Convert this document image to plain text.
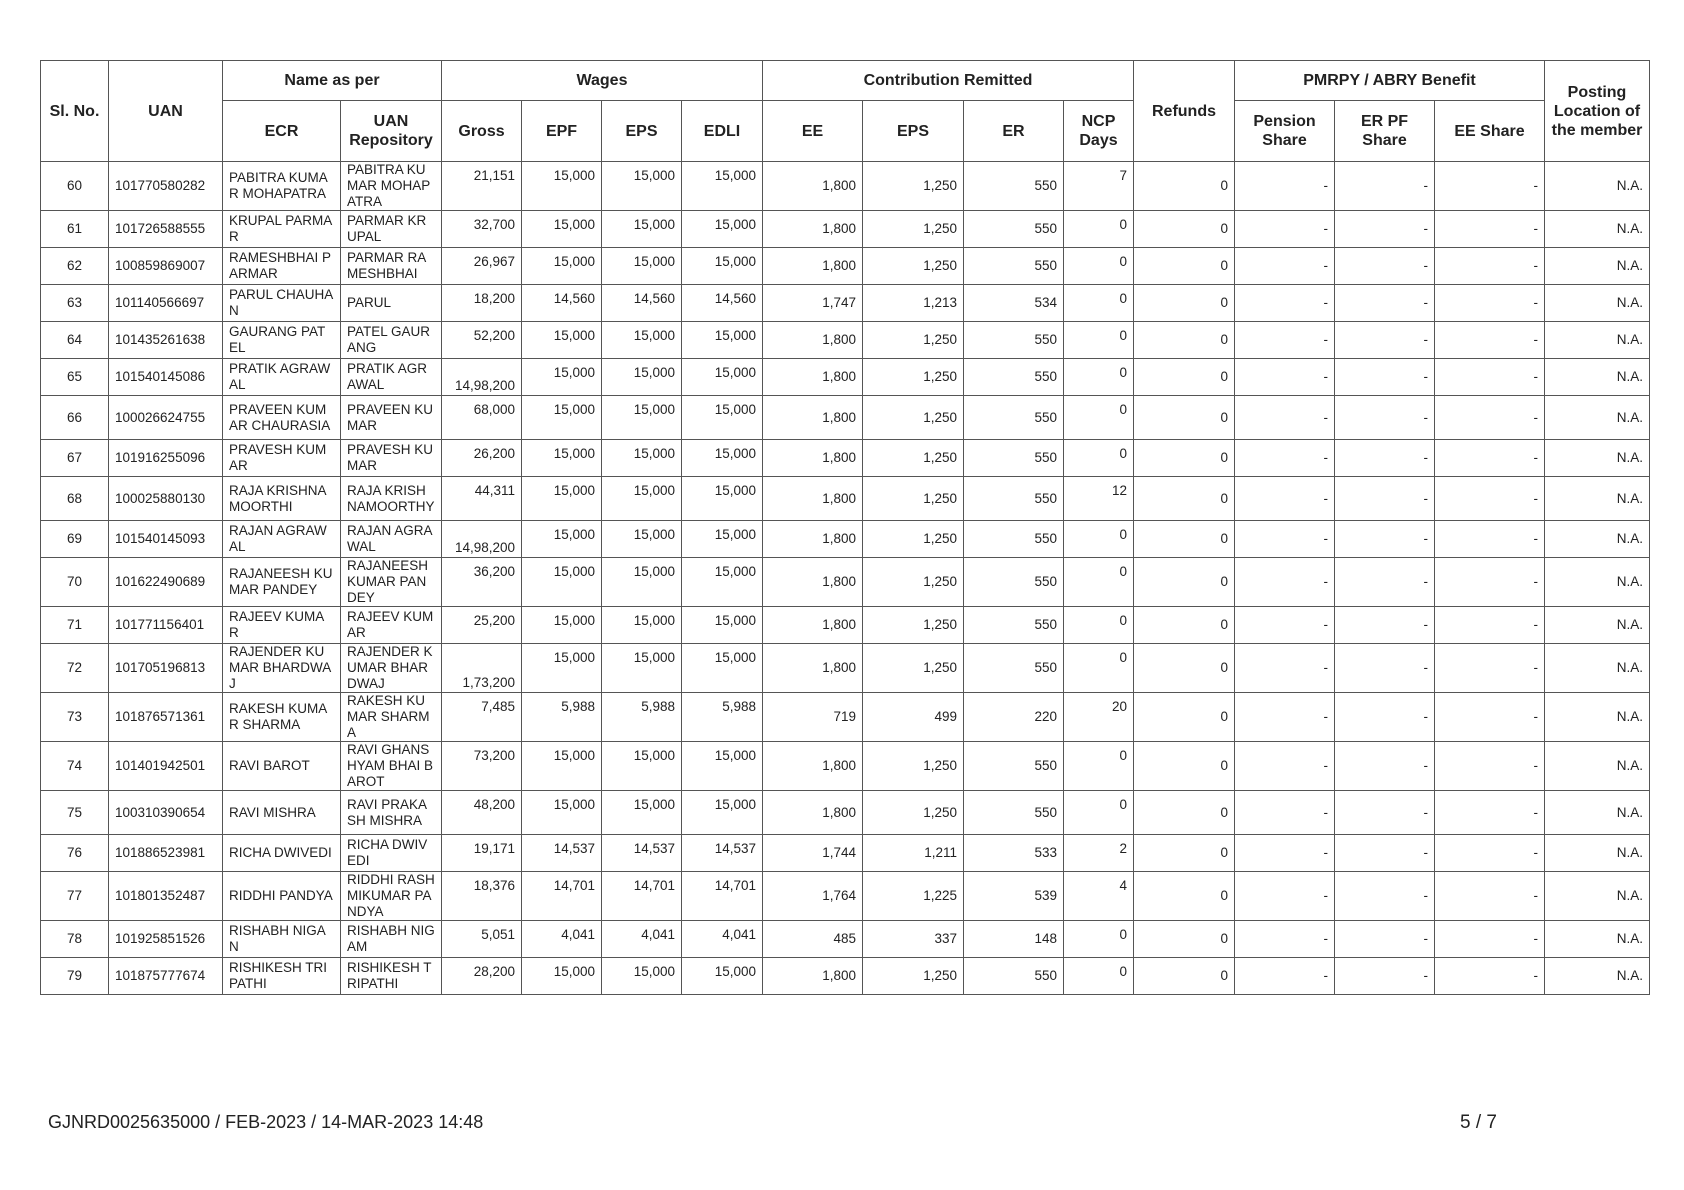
Sl. No.	UAN	Name as per		Wages				Contribution Remitted				Refunds	PMRPY / ABRY Benefit			Posting Location of the member
		ECR	UAN Repository	Gross	EPF	EPS	EDLI	EE	EPS	ER	NCP Days		Pension Share	ER PF Share	EE Share	
60	101770580282	PABITRA KUMAR MOHAPATRA	PABITRA KUMAR MOHAPATRA	21,151	15,000	15,000	15,000	1,800	1,250	550	7	0	-	-	-	N.A.
61	101726588555	KRUPAL PARMAR	PARMAR KRUPAL	32,700	15,000	15,000	15,000	1,800	1,250	550	0	0	-	-	-	N.A.
62	100859869007	RAMESHBHAI PARMAR	PARMAR RAMESHBHAI	26,967	15,000	15,000	15,000	1,800	1,250	550	0	0	-	-	-	N.A.
63	101140566697	PARUL CHAUHAN	PARUL	18,200	14,560	14,560	14,560	1,747	1,213	534	0	0	-	-	-	N.A.
64	101435261638	GAURANG PATEL	PATEL GAURANG	52,200	15,000	15,000	15,000	1,800	1,250	550	0	0	-	-	-	N.A.
65	101540145086	PRATIK AGRAWAL	PRATIK AGRAWAL	14,98,200	15,000	15,000	15,000	1,800	1,250	550	0	0	-	-	-	N.A.
66	100026624755	PRAVEEN KUMAR CHAURASIA	PRAVEEN KUMAR	68,000	15,000	15,000	15,000	1,800	1,250	550	0	0	-	-	-	N.A.
67	101916255096	PRAVESH KUMAR	PRAVESH KUMAR	26,200	15,000	15,000	15,000	1,800	1,250	550	0	0	-	-	-	N.A.
68	100025880130	RAJA KRISHNAMOORTHI	RAJA KRISHNAMOORTHY	44,311	15,000	15,000	15,000	1,800	1,250	550	12	0	-	-	-	N.A.
69	101540145093	RAJAN AGRAWAL	RAJAN AGRAWAL	14,98,200	15,000	15,000	15,000	1,800	1,250	550	0	0	-	-	-	N.A.
70	101622490689	RAJANEESH KUMAR PANDEY	RAJANEESH KUMAR PANDEY	36,200	15,000	15,000	15,000	1,800	1,250	550	0	0	-	-	-	N.A.
71	101771156401	RAJEEV KUMAR	RAJEEV KUMAR	25,200	15,000	15,000	15,000	1,800	1,250	550	0	0	-	-	-	N.A.
72	101705196813	RAJENDER KUMAR BHARDWAJ	RAJENDER KUMAR BHARDWAJ	1,73,200	15,000	15,000	15,000	1,800	1,250	550	0	0	-	-	-	N.A.
73	101876571361	RAKESH KUMAR SHARMA	RAKESH KUMAR SHARMA	7,485	5,988	5,988	5,988	719	499	220	20	0	-	-	-	N.A.
74	101401942501	RAVI BAROT	RAVI GHANSHYAM BHAI BAROT	73,200	15,000	15,000	15,000	1,800	1,250	550	0	0	-	-	-	N.A.
75	100310390654	RAVI MISHRA	RAVI PRAKASH MISHRA	48,200	15,000	15,000	15,000	1,800	1,250	550	0	0	-	-	-	N.A.
76	101886523981	RICHA DWIVEDI	RICHA DWIVEDI	19,171	14,537	14,537	14,537	1,744	1,211	533	2	0	-	-	-	N.A.
77	101801352487	RIDDHI PANDYA	RIDDHI RASHMIKUMAR PANDYA	18,376	14,701	14,701	14,701	1,764	1,225	539	4	0	-	-	-	N.A.
78	101925851526	RISHABH NIGAN	RISHABH NIGAM	5,051	4,041	4,041	4,041	485	337	148	0	0	-	-	-	N.A.
79	101875777674	RISHIKESH TRIPATHI	RISHIKESH TRIPATHI	28,200	15,000	15,000	15,000	1,800	1,250	550	0	0	-	-	-	N.A.
GJNRD0025635000 / FEB-2023 / 14-MAR-2023 14:48	5 / 7
